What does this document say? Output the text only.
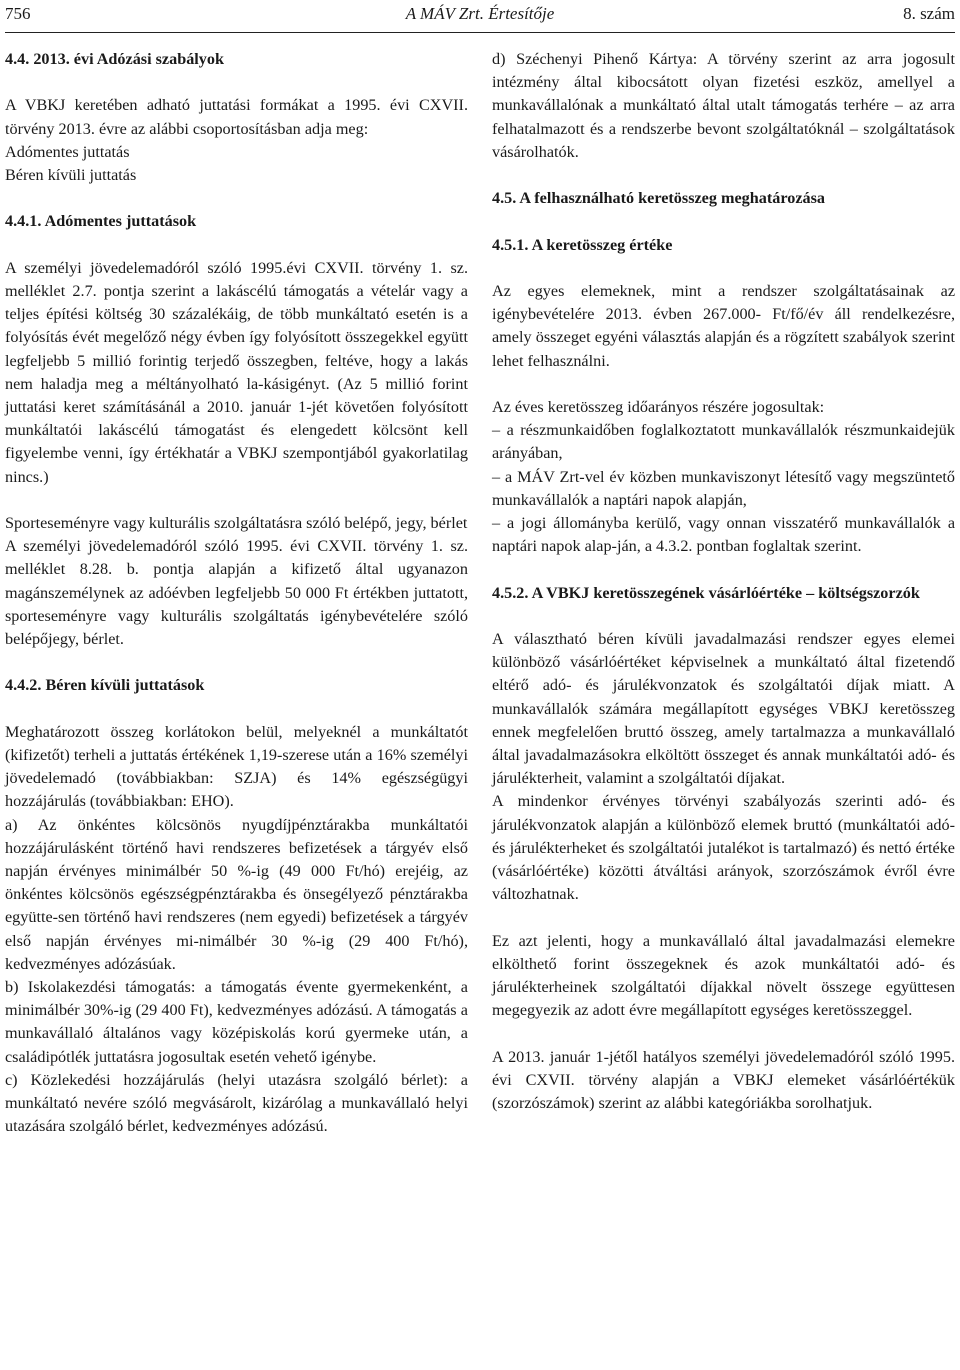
756	A MÁV Zrt. Értesítője	8. szám

4.4. 2013. évi Adózási szabályok

A VBKJ keretében adható juttatási formákat a 1995. évi CXVII. törvény 2013. évre az alábbi csoportosításban adja meg:

Adómentes juttatás

Béren kívüli juttatás

4.4.1. Adómentes juttatások

A személyi jövedelemadóról szóló 1995.évi CXVII. törvény 1. sz. melléklet 2.7. pontja szerint a lakáscélú támogatás a vételár vagy a teljes építési költség 30 százalékáig, de több munkáltató esetén is a folyósítás évét megelőző négy évben így folyósított összegekkel együtt legfeljebb 5 millió forintig terjedő összegben, feltéve, hogy a lakás nem haladja meg a méltányolható la-kásigényt. (Az 5 millió forint juttatási keret számításánál a 2010. január 1-jét követően folyósított munkáltatói lakáscélú támogatást és elengedett kölcsönt kell figyelembe venni, így értékhatár a VBKJ szempontjából gyakorlatilag nincs.)

Sporteseményre vagy kulturális szolgáltatásra szóló belépő, jegy, bérlet

A személyi jövedelemadóról szóló 1995. évi CXVII. törvény 1. sz. melléklet 8.28. b. pontja alapján a kifizető által ugyanazon magánszemélynek az adóévben legfeljebb 50 000 Ft értékben juttatott, sporteseményre vagy kulturális szolgáltatás igénybevételére szóló belépőjegy, bérlet.

4.4.2. Béren kívüli juttatások

Meghatározott összeg korlátokon belül, melyeknél a munkáltatót (kifizetőt) terheli a juttatás értékének 1,19-szerese után a 16% személyi jövedelemadó (továbbiakban: SZJA) és 14% egészségügyi hozzájárulás (továbbiakban: EHO).

a) Az önkéntes kölcsönös nyugdíjpénztárakba munkáltatói hozzájárulásként történő havi rendszeres befizetések a tárgyév első napján érvényes minimálbér 50 %-ig (49 000 Ft/hó) erejéig, az önkéntes kölcsönös egészségpénztárakba és önsegélyező pénztárakba együtte-sen történő havi rendszeres (nem egyedi) befizetések a tárgyév első napján érvényes mi-nimálbér 30 %-ig (29 400 Ft/hó), kedvezményes adózásúak.

b) Iskolakezdési támogatás: a támogatás évente gyermekenként, a minimálbér 30%-ig (29 400 Ft), kedvezményes adózású. A támogatás a munkavállaló általános vagy középiskolás korú gyermeke után, a családipótlék juttatásra jogosultak esetén vehető igénybe.

c) Közlekedési hozzájárulás (helyi utazásra szolgáló bérlet): a munkáltató nevére szóló megvásárolt, kizárólag a munkavállaló helyi utazására szolgáló bérlet, kedvezményes adózású.

d) Széchenyi Pihenő Kártya: A törvény szerint az arra jogosult intézmény által kibocsátott olyan fizetési eszköz, amellyel a munkavállalónak a munkáltató által utalt támogatás terhére – az arra felhatalmazott és a rendszerbe bevont szolgáltatóknál – szolgáltatások vásárolhatók.

4.5. A felhasználható keretösszeg meghatározása

4.5.1. A keretösszeg értéke

Az egyes elemeknek, mint a rendszer szolgáltatásainak az igénybevételére 2013. évben 267.000- Ft/fő/év áll rendelkezésre, amely összeget egyéni választás alapján és a rögzített szabályok szerint lehet felhasználni.

Az éves keretösszeg időarányos részére jogosultak:

– a részmunkaidőben foglalkoztatott munkavállalók részmunkaidejük arányában,

– a MÁV Zrt-vel év közben munkaviszonyt létesítő vagy megszüntető munkavállalók a naptári napok alapján,

– a jogi állományba kerülő, vagy onnan visszatérő munkavállalók a naptári napok alap-ján, a 4.3.2. pontban foglaltak szerint.

4.5.2. A VBKJ keretösszegének vásárlóértéke – költségszorzók

A választható béren kívüli javadalmazási rendszer egyes elemei különböző vásárlóértéket képviselnek a munkáltató által fizetendő eltérő adó- és járulékvonzatok és szolgáltatói díjak miatt. A munkavállalók számára megállapított egységes VBKJ keretösszeg ennek megfelelően bruttó összeg, amely tartalmazza a munkavállaló által javadalmazásokra elköltött összeget és annak munkáltatói adó- és járulékterheit, valamint a szolgáltatói díjakat.

A mindenkor érvényes törvényi szabályozás szerinti adó- és járulékvonzatok alapján a különböző elemek bruttó (munkáltatói adó- és járulékterheket és szolgáltatói jutalékot is tartalmazó) és nettó értéke (vásárlóértéke) közötti átváltási arányok, szorzószámok évről évre változhatnak.

Ez azt jelenti, hogy a munkavállaló által javadalmazási elemekre elkölthető forint összegeknek és azok munkáltatói adó- és járulékterheinek szolgáltatói díjakkal növelt összege együttesen megegyezik az adott évre megállapított egységes keretösszeggel.

A 2013. január 1-jétől hatályos személyi jövedelemadóról szóló 1995. évi CXVII. törvény alapján a VBKJ elemeket vásárlóértékük (szorzószámok) szerint az alábbi kategóriákba sorolhatjuk.
